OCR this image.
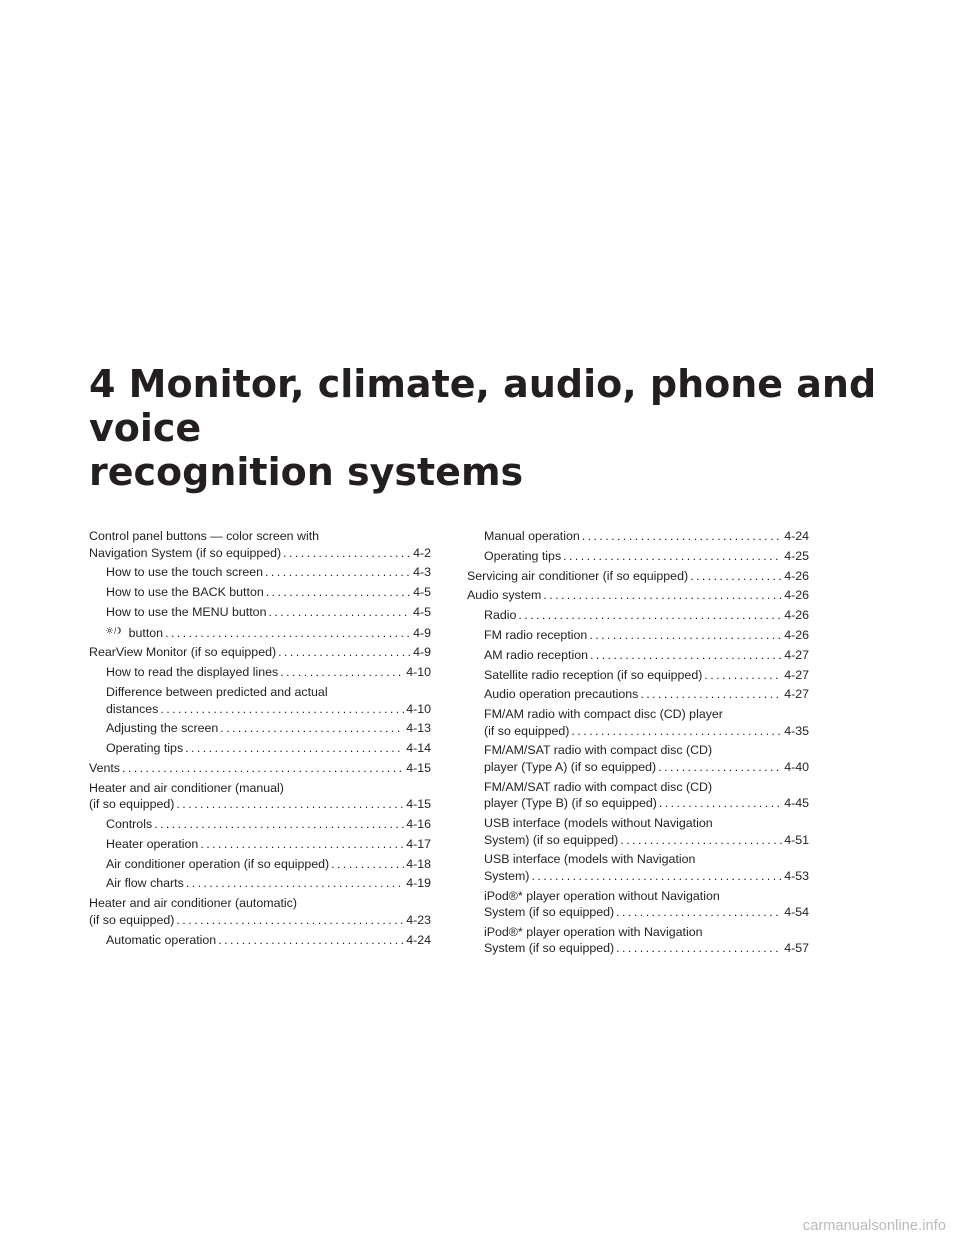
4 Monitor, climate, audio, phone and voice
recognition systems
Control panel buttons — color screen with
Navigation System (if so equipped) . . .	4-2
How to use the touch screen . . .	4-3
How to use the BACK button . . .	4-5
How to use the MENU button . . .	4-5
button . . .	4-9
RearView Monitor (if so equipped) . . .	4-9
How to read the displayed lines . . .	4-10
Difference between predicted and actual
distances . . .	4-10
Adjusting the screen . . .	4-13
Operating tips . . .	4-14
Vents . . .	4-15
Heater and air conditioner (manual)
(if so equipped) . . .	4-15
Controls . . .	4-16
Heater operation . . .	4-17
Air conditioner operation (if so equipped) . . .	4-18
Air flow charts . . .	4-19
Heater and air conditioner (automatic)
(if so equipped) . . .	4-23
Automatic operation . . .	4-24
Manual operation . . .	4-24
Operating tips . . .	4-25
Servicing air conditioner (if so equipped) . . .	4-26
Audio system . . .	4-26
Radio . . .	4-26
FM radio reception . . .	4-26
AM radio reception . . .	4-27
Satellite radio reception (if so equipped) . . .	4-27
Audio operation precautions . . .	4-27
FM/AM radio with compact disc (CD) player
(if so equipped) . . .	4-35
FM/AM/SAT radio with compact disc (CD)
player (Type A) (if so equipped) . . .	4-40
FM/AM/SAT radio with compact disc (CD)
player (Type B) (if so equipped) . . .	4-45
USB interface (models without Navigation
System) (if so equipped) . . .	4-51
USB interface (models with Navigation
System) . . .	4-53
iPod®* player operation without Navigation
System (if so equipped) . . .	4-54
iPod®* player operation with Navigation
System (if so equipped) . . .	4-57
carmanualsonline.info
